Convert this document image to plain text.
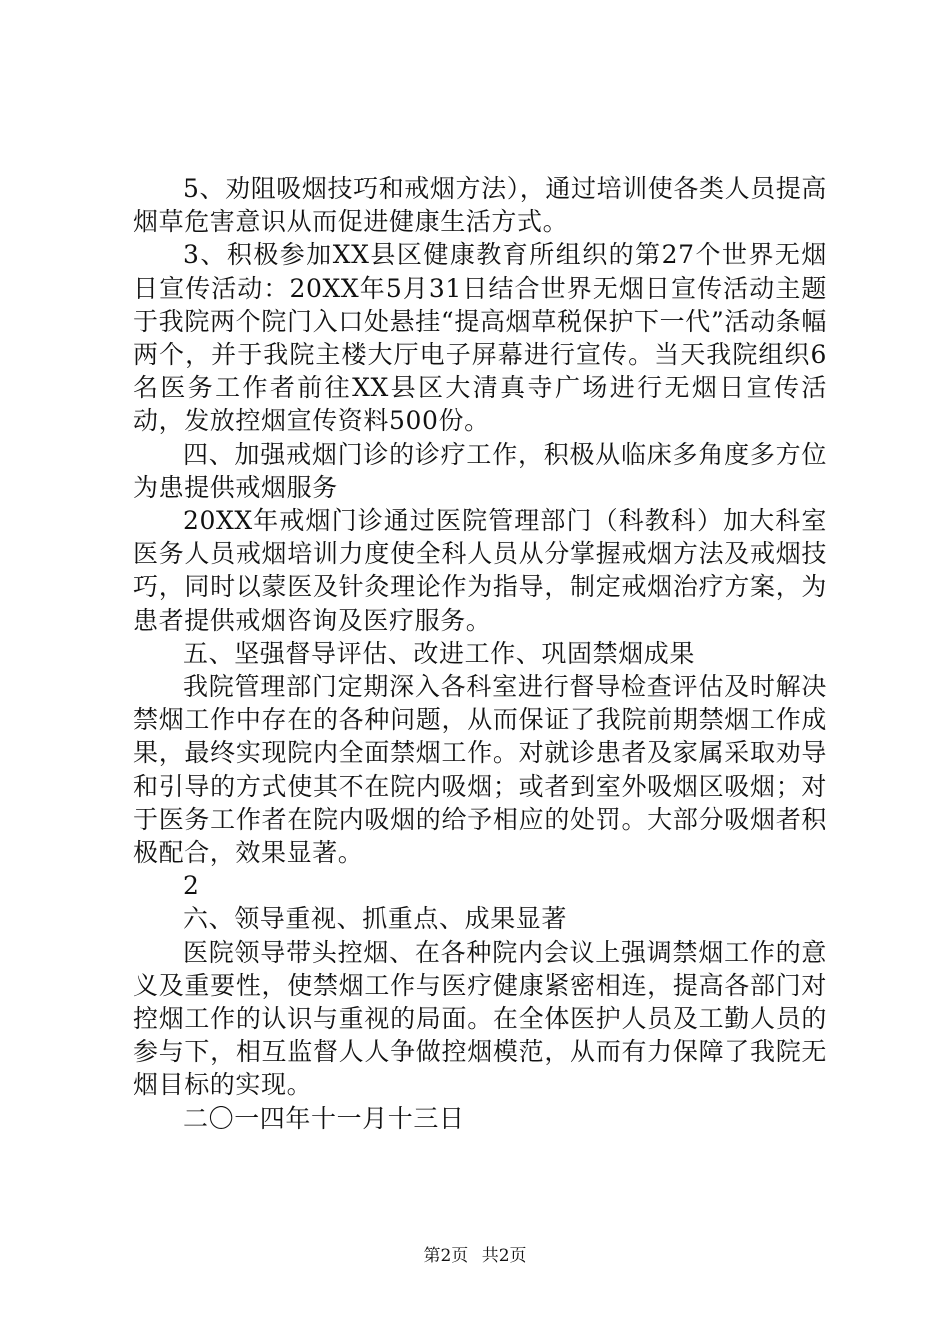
5、劝阻吸烟技巧和戒烟方法），通过培训使各类人员提高烟草危害意识从而促进健康生活方式。

3、积极参加XX县区健康教育所组织的第27个世界无烟日宣传活动：20XX年5月31日结合世界无烟日宣传活动主题于我院两个院门入口处悬挂“提高烟草税保护下一代”活动条幅两个，并于我院主楼大厅电子屏幕进行宣传。当天我院组织6名医务工作者前往XX县区大清真寺广场进行无烟日宣传活动，发放控烟宣传资料500份。

四、加强戒烟门诊的诊疗工作，积极从临床多角度多方位为患提供戒烟服务

20XX年戒烟门诊通过医院管理部门（科教科）加大科室医务人员戒烟培训力度使全科人员从分掌握戒烟方法及戒烟技巧，同时以蒙医及针灸理论作为指导，制定戒烟治疗方案，为患者提供戒烟咨询及医疗服务。

五、坚强督导评估、改进工作、巩固禁烟成果

我院管理部门定期深入各科室进行督导检查评估及时解决禁烟工作中存在的各种问题，从而保证了我院前期禁烟工作成果，最终实现院内全面禁烟工作。对就诊患者及家属采取劝导和引导的方式使其不在院内吸烟；或者到室外吸烟区吸烟；对于医务工作者在院内吸烟的给予相应的处罚。大部分吸烟者积极配合，效果显著。

2

六、领导重视、抓重点、成果显著

医院领导带头控烟、在各种院内会议上强调禁烟工作的意义及重要性，使禁烟工作与医疗健康紧密相连，提高各部门对控烟工作的认识与重视的局面。在全体医护人员及工勤人员的参与下，相互监督人人争做控烟模范，从而有力保障了我院无烟目标的实现。

二〇一四年十一月十三日

第2页 共2页
